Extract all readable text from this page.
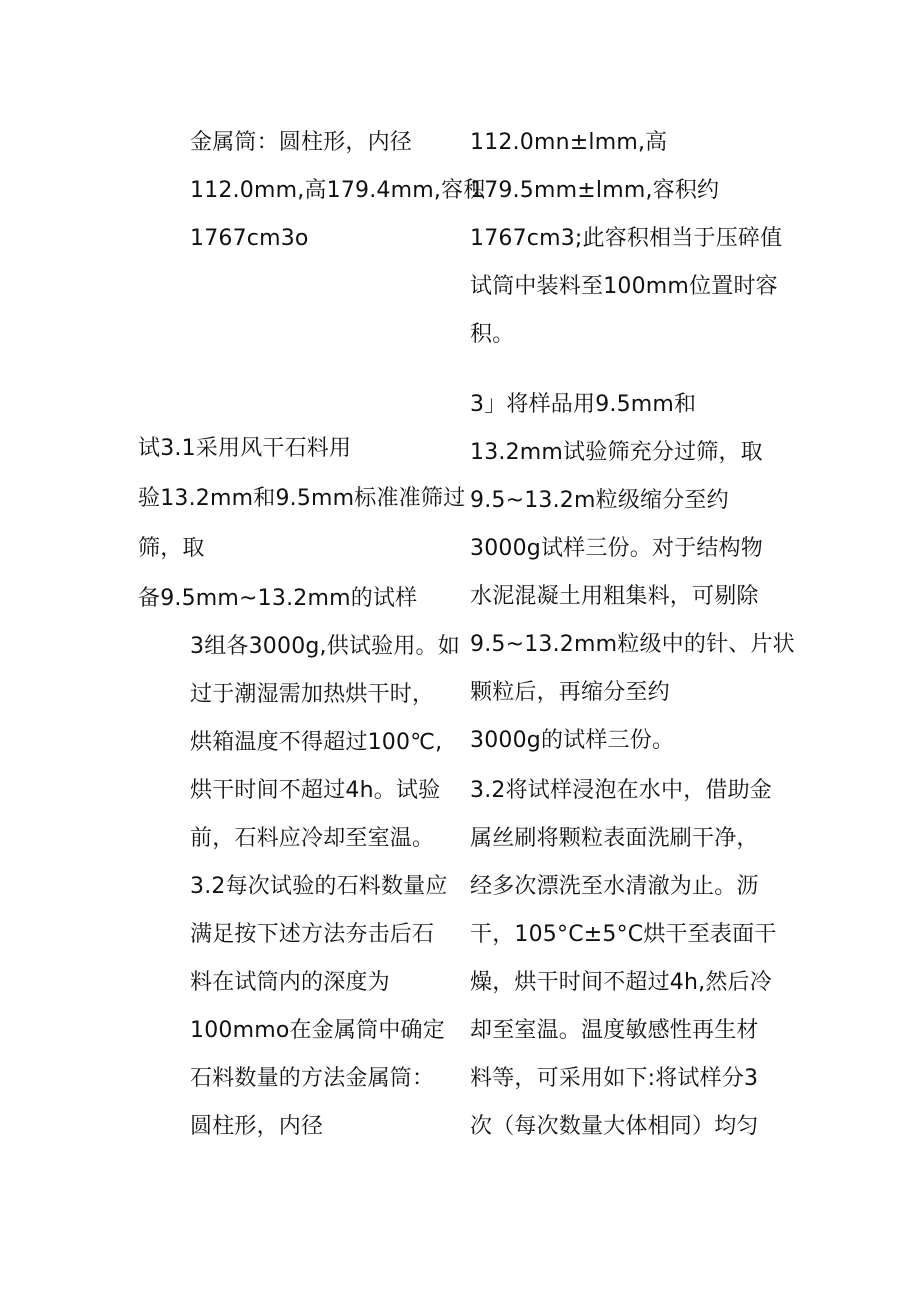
金属筒：圆柱形，内径
112.0mm,高179.4mm,容积
1767cm3o
试3.1采用风干石料用
验13.2mm和9.5mm标准准筛过
筛，取
备9.5mm~13.2mm的试样
3组各3000g,供试验用。如
过于潮湿需加热烘干时，
烘箱温度不得超过100℃,
烘干时间不超过4h。试验
前，石料应冷却至室温。
3.2每次试验的石料数量应
满足按下述方法夯击后石
料在试筒内的深度为
100mmo在金属筒中确定
石料数量的方法金属筒：
圆柱形，内径
112.0mn±lmm,高
179.5mm±lmm,容积约
1767cm3;此容积相当于压碎值
试筒中装料至100mm位置时容
积。
3」将样品用9.5mm和
13.2mm试验筛充分过筛，取
9.5~13.2m粒级缩分至约
3000g试样三份。对于结构物
水泥混凝土用粗集料，可剔除
9.5~13.2mm粒级中的针、片状
颗粒后，再缩分至约
3000g的试样三份。
3.2将试样浸泡在水中，借助金
属丝刷将颗粒表面洗刷干净，
经多次漂洗至水清澈为止。沥
干，105°C±5°C烘干至表面干
燥，烘干时间不超过4h,然后冷
却至室温。温度敏感性再生材
料等，可采用如下:将试样分3
次（每次数量大体相同）均匀
